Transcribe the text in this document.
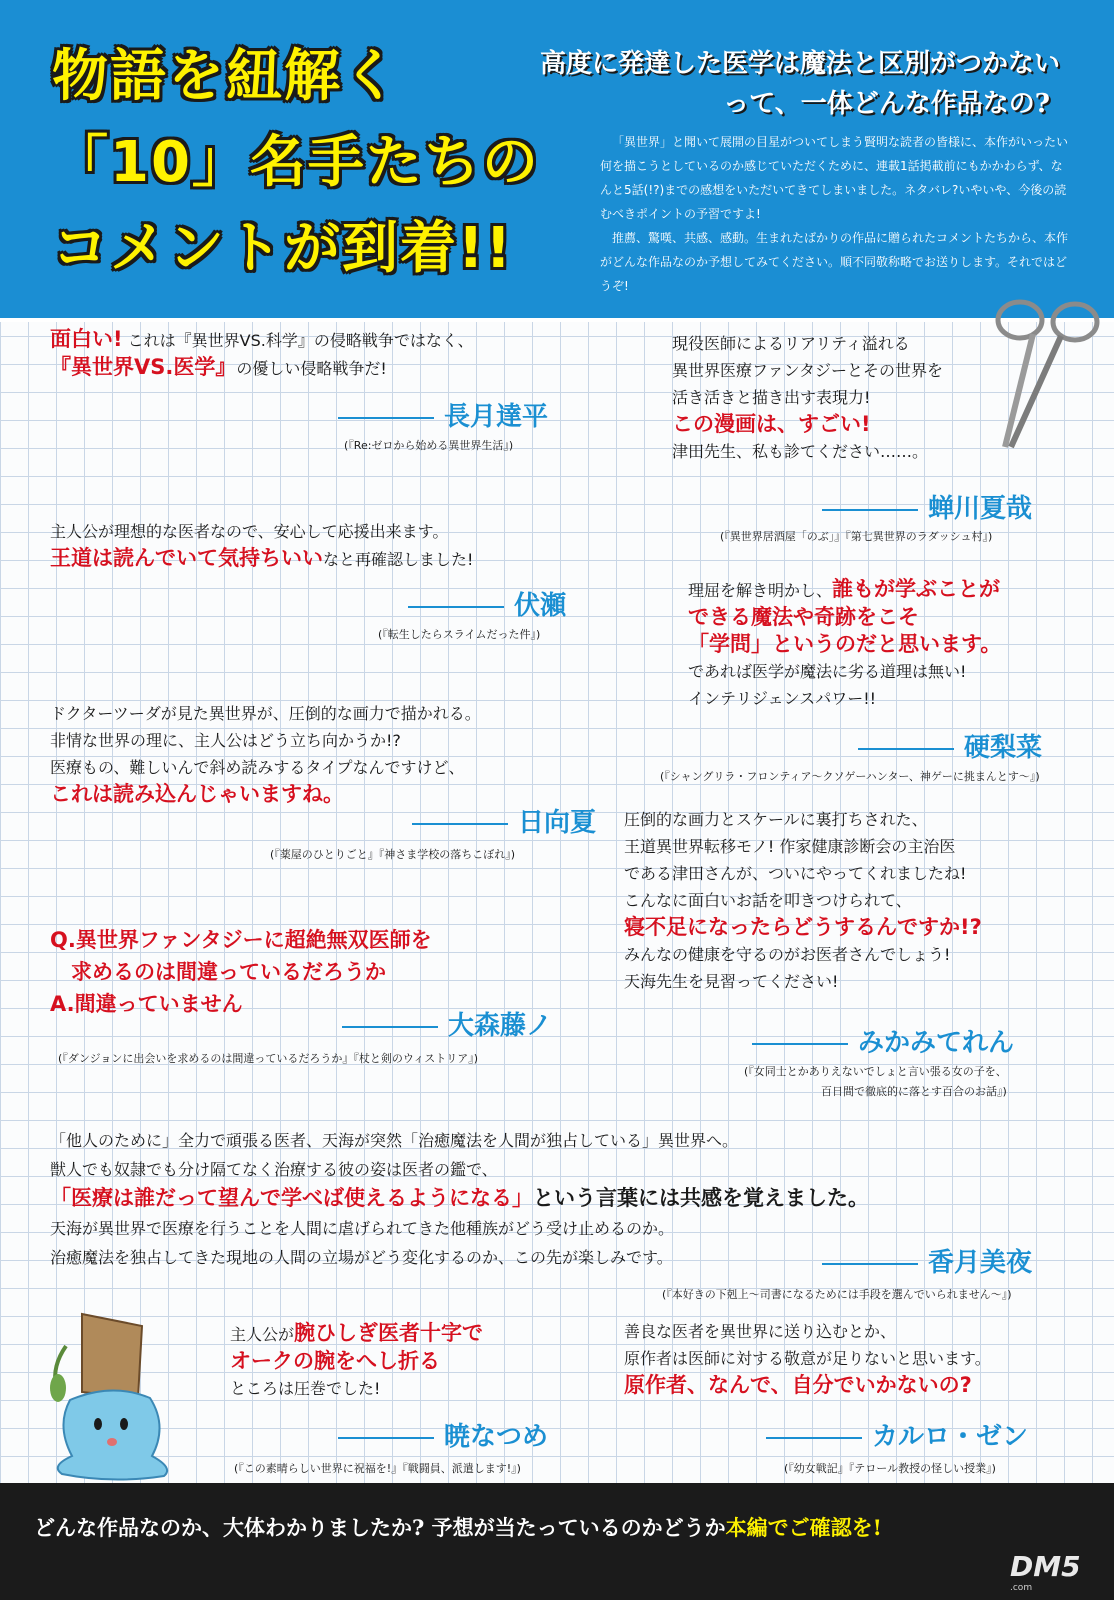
物語を紐解く
「10」名手たちの
コメントが到着!!
高度に発達した医学は魔法と区別がつかない
って、一体どんな作品なの?

「異世界」と聞いて展開の目星がついてしまう賢明な読者の皆様に、本作がいったい何を描こうとしているのか感じていただくために、連載1話掲載前にもかかわらず、なんと5話(!?)までの感想をいただいてきてしまいました。ネタバレ?いやいや、今後の読むべきポイントの予習ですよ!

推薦、驚嘆、共感、感動。生まれたばかりの作品に贈られたコメントたちから、本作がどんな作品なのか予想してみてください。順不同敬称略でお送りします。それではどうぞ!

面白い! これは『異世界VS.科学』の侵略戦争ではなく、
『異世界VS.医学』の優しい侵略戦争だ!
長月達平
(『Re:ゼロから始める異世界生活』)
現役医師によるリアリティ溢れる
異世界医療ファンタジーとその世界を
活き活きと描き出す表現力!
この漫画は、すごい!
津田先生、私も診てください……。
蝉川夏哉
(『異世界居酒屋「のぶ」』『第七異世界のラダッシュ村』)
主人公が理想的な医者なので、安心して応援出来ます。
王道は読んでいて気持ちいいなと再確認しました!
伏瀬
(『転生したらスライムだった件』)
理屈を解き明かし、誰もが学ぶことが
できる魔法や奇跡をこそ
「学問」というのだと思います。
であれば医学が魔法に劣る道理は無い!
インテリジェンスパワー!!
硬梨菜
(『シャングリラ・フロンティア〜クソゲーハンター、神ゲーに挑まんとす〜』)
ドクターツーダが見た異世界が、圧倒的な画力で描かれる。
非情な世界の理に、主人公はどう立ち向かうか!?
医療もの、難しいんで斜め読みするタイプなんですけど、
これは読み込んじゃいますね。
日向夏
(『薬屋のひとりごと』『神さま学校の落ちこぼれ』)
圧倒的な画力とスケールに裏打ちされた、
王道異世界転移モノ! 作家健康診断会の主治医
である津田さんが、ついにやってくれましたね!
こんなに面白いお話を叩きつけられて、
寝不足になったらどうするんですか!?
みんなの健康を守るのがお医者さんでしょう!
天海先生を見習ってください!
みかみてれん
(『女同士とかありえないでしょと言い張る女の子を、
百日間で徹底的に落とす百合のお話』)
Q.異世界ファンタジーに超絶無双医師を
　求めるのは間違っているだろうか
A.間違っていません
大森藤ノ
(『ダンジョンに出会いを求めるのは間違っているだろうか』『杖と剣のウィストリア』)
「他人のために」全力で頑張る医者、天海が突然「治癒魔法を人間が独占している」異世界へ。
獣人でも奴隷でも分け隔てなく治療する彼の姿は医者の鑑で、
「医療は誰だって望んで学べば使えるようになる」という言葉には共感を覚えました。
天海が異世界で医療を行うことを人間に虐げられてきた他種族がどう受け止めるのか。
治癒魔法を独占してきた現地の人間の立場がどう変化するのか、この先が楽しみです。	香月美夜
(『本好きの下剋上〜司書になるためには手段を選んでいられません〜』)
主人公が腕ひしぎ医者十字で
オークの腕をへし折る
ところは圧巻でした!
暁なつめ
(『この素晴らしい世界に祝福を!』『戦闘員、派遣します!』)
善良な医者を異世界に送り込むとか、
原作者は医師に対する敬意が足りないと思います。
原作者、なんで、自分でいかないの?
カルロ・ゼン
(『幼女戦記』『テロール教授の怪しい授業』)
どんな作品なのか、大体わかりましたか? 予想が当たっているのかどうか本編でご確認を!
DM5
.com
